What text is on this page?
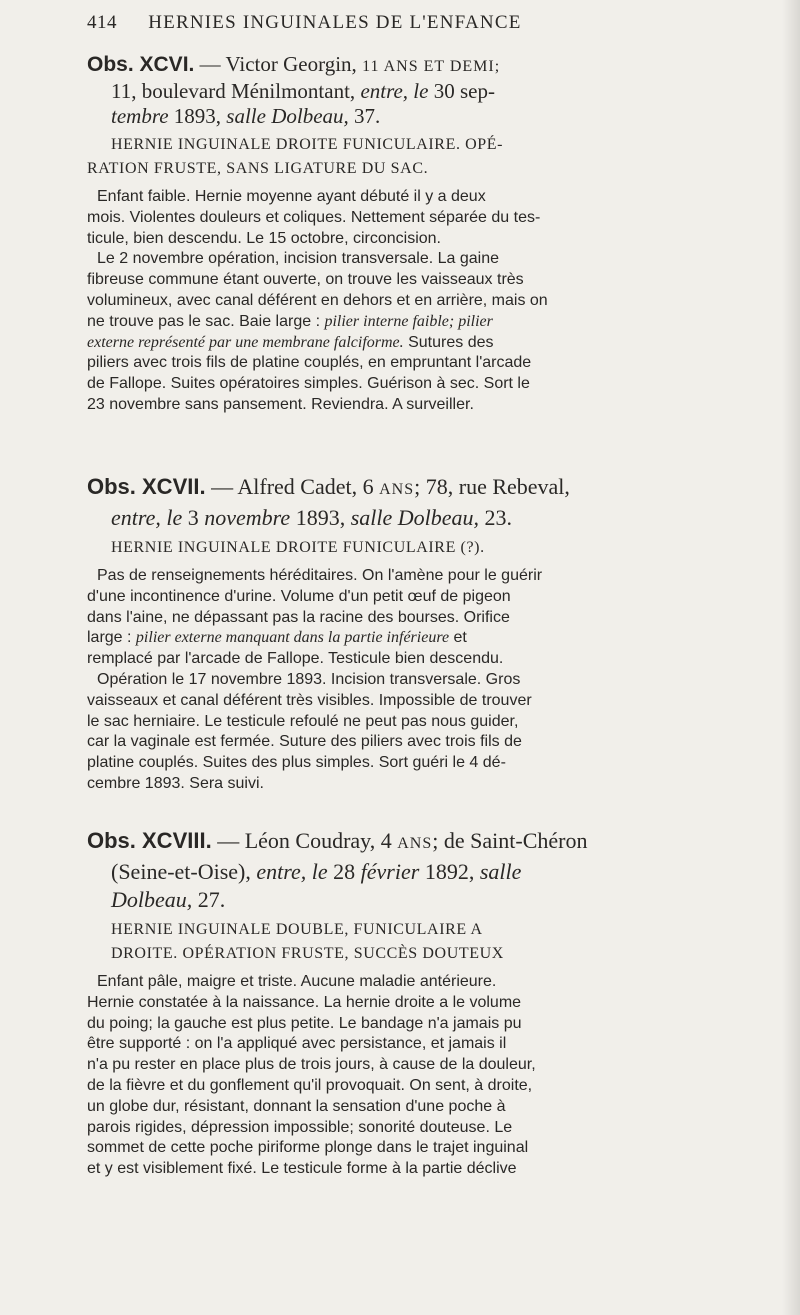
414 HERNIES INGUINALES DE L'ENFANCE

Obs. XCVI. — Victor Georgin, 11 ANS ET DEMI;
11, boulevard Ménilmontant, entre, le 30 sep-
tembre 1893, salle Dolbeau, 37.

HERNIE INGUINALE DROITE FUNICULAIRE. OPÉ-
RATION FRUSTE, SANS LIGATURE DU SAC.

Enfant faible. Hernie moyenne ayant débuté il y a deux
mois. Violentes douleurs et coliques. Nettement séparée du tes-
ticule, bien descendu. Le 15 octobre, circoncision.
Le 2 novembre opération, incision transversale. La gaine
fibreuse commune étant ouverte, on trouve les vaisseaux très
volumineux, avec canal déférent en dehors et en arrière, mais on
ne trouve pas le sac. Baie large : pilier interne faible; pilier
externe représenté par une membrane falciforme. Sutures des
piliers avec trois fils de platine couplés, en empruntant l'arcade
de Fallope. Suites opératoires simples. Guérison à sec. Sort le
23 novembre sans pansement. Reviendra. A surveiller.

Obs. XCVII. — Alfred Cadet, 6 ANS; 78, rue Rebeval,
entre, le 3 novembre 1893, salle Dolbeau, 23.

HERNIE INGUINALE DROITE FUNICULAIRE (?).

Pas de renseignements héréditaires. On l'amène pour le guérir
d'une incontinence d'urine. Volume d'un petit œuf de pigeon
dans l'aine, ne dépassant pas la racine des bourses. Orifice
large : pilier externe manquant dans la partie inférieure et
remplacé par l'arcade de Fallope. Testicule bien descendu.
Opération le 17 novembre 1893. Incision transversale. Gros
vaisseaux et canal déférent très visibles. Impossible de trouver
le sac herniaire. Le testicule refoulé ne peut pas nous guider,
car la vaginale est fermée. Suture des piliers avec trois fils de
platine couplés. Suites des plus simples. Sort guéri le 4 dé-
cembre 1893. Sera suivi.

Obs. XCVIII. — Léon Coudray, 4 ANS; de Saint-Chéron
(Seine-et-Oise), entre, le 28 février 1892, salle
Dolbeau, 27.

HERNIE INGUINALE DOUBLE, FUNICULAIRE A
DROITE. OPÉRATION FRUSTE, SUCCÈS DOUTEUX

Enfant pâle, maigre et triste. Aucune maladie antérieure.
Hernie constatée à la naissance. La hernie droite a le volume
du poing; la gauche est plus petite. Le bandage n'a jamais pu
être supporté : on l'a appliqué avec persistance, et jamais il
n'a pu rester en place plus de trois jours, à cause de la douleur,
de la fièvre et du gonflement qu'il provoquait. On sent, à droite,
un globe dur, résistant, donnant la sensation d'une poche à
parois rigides, dépression impossible; sonorité douteuse. Le
sommet de cette poche piriforme plonge dans le trajet inguinal
et y est visiblement fixé. Le testicule forme à la partie déclive
